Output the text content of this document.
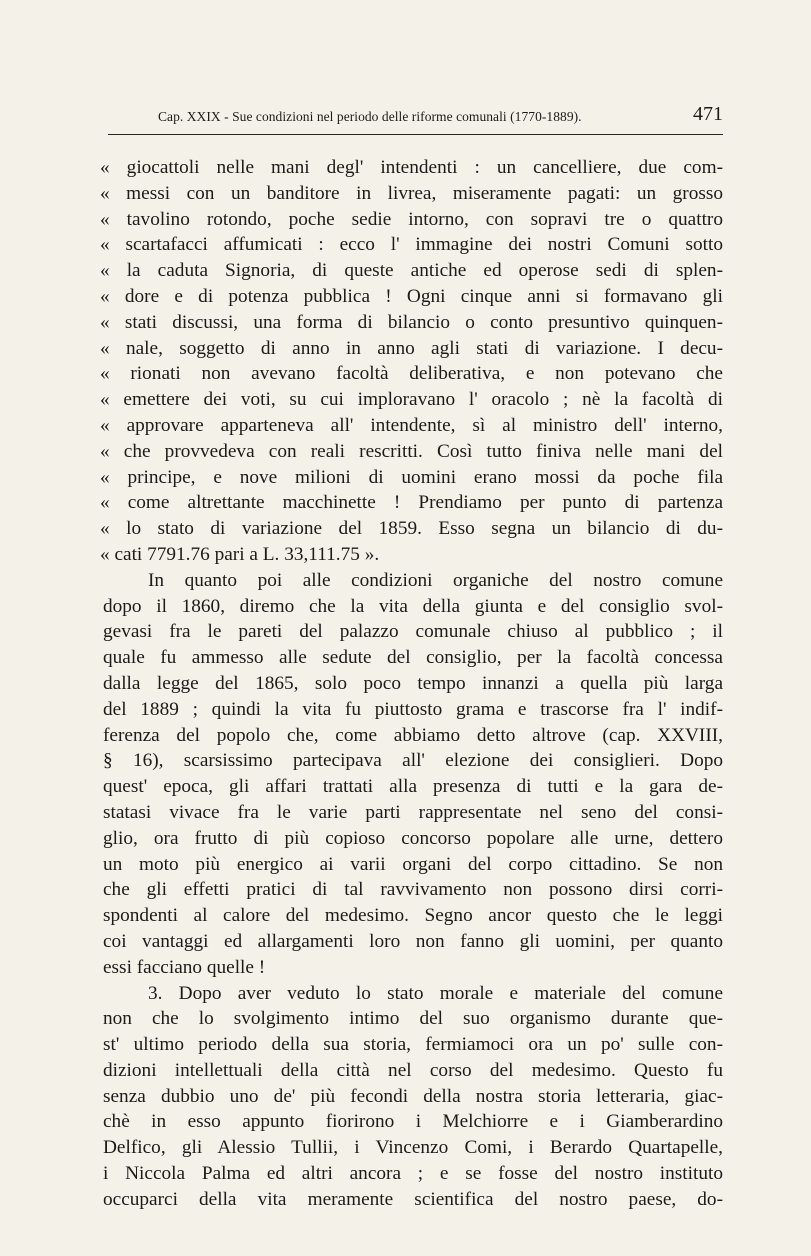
Cap. XXIX - Sue condizioni nel periodo delle riforme comunali (1770-1889).	471
« giocattoli nelle mani degl' intendenti : un cancelliere, due com-
« messi con un banditore in livrea, miseramente pagati: un grosso
« tavolino rotondo, poche sedie intorno, con sopravi tre o quattro
« scartafacci affumicati : ecco l' immagine dei nostri Comuni sotto
« la caduta Signoria, di queste antiche ed operose sedi di splen-
« dore e di potenza pubblica ! Ogni cinque anni si formavano gli
« stati discussi, una forma di bilancio o conto presuntivo quinquen-
« nale, soggetto di anno in anno agli stati di variazione. I decu-
« rionati non avevano facoltà deliberativa, e non potevano che
« emettere dei voti, su cui imploravano l' oracolo ; nè la facoltà di
« approvare apparteneva all' intendente, sì al ministro dell' interno,
« che provvedeva con reali rescritti. Così tutto finiva nelle mani del
« principe, e nove milioni di uomini erano mossi da poche fila
« come altrettante macchinette ! Prendiamo per punto di partenza
« lo stato di variazione del 1859. Esso segna un bilancio di du-
« cati 7791.76 pari a L. 33,111.75 ».
In quanto poi alle condizioni organiche del nostro comune
dopo il 1860, diremo che la vita della giunta e del consiglio svol-
gevasi fra le pareti del palazzo comunale chiuso al pubblico ; il
quale fu ammesso alle sedute del consiglio, per la facoltà concessa
dalla legge del 1865, solo poco tempo innanzi a quella più larga
del 1889 ; quindi la vita fu piuttosto grama e trascorse fra l' indif-
ferenza del popolo che, come abbiamo detto altrove (cap. XXVIII,
§ 16), scarsissimo partecipava all' elezione dei consiglieri. Dopo
quest' epoca, gli affari trattati alla presenza di tutti e la gara de-
statasi vivace fra le varie parti rappresentate nel seno del consi-
glio, ora frutto di più copioso concorso popolare alle urne, dettero
un moto più energico ai varii organi del corpo cittadino. Se non
che gli effetti pratici di tal ravvivamento non possono dirsi corri-
spondenti al calore del medesimo. Segno ancor questo che le leggi
coi vantaggi ed allargamenti loro non fanno gli uomini, per quanto
essi facciano quelle !
3. Dopo aver veduto lo stato morale e materiale del comune
non che lo svolgimento intimo del suo organismo durante que-
st' ultimo periodo della sua storia, fermiamoci ora un po' sulle con-
dizioni intellettuali della città nel corso del medesimo. Questo fu
senza dubbio uno de' più fecondi della nostra storia letteraria, giac-
chè in esso appunto fiorirono i Melchiorre e i Giamberardino
Delfico, gli Alessio Tullii, i Vincenzo Comi, i Berardo Quartapelle,
i Niccola Palma ed altri ancora ; e se fosse del nostro instituto
occuparci della vita meramente scientifica del nostro paese, do-
